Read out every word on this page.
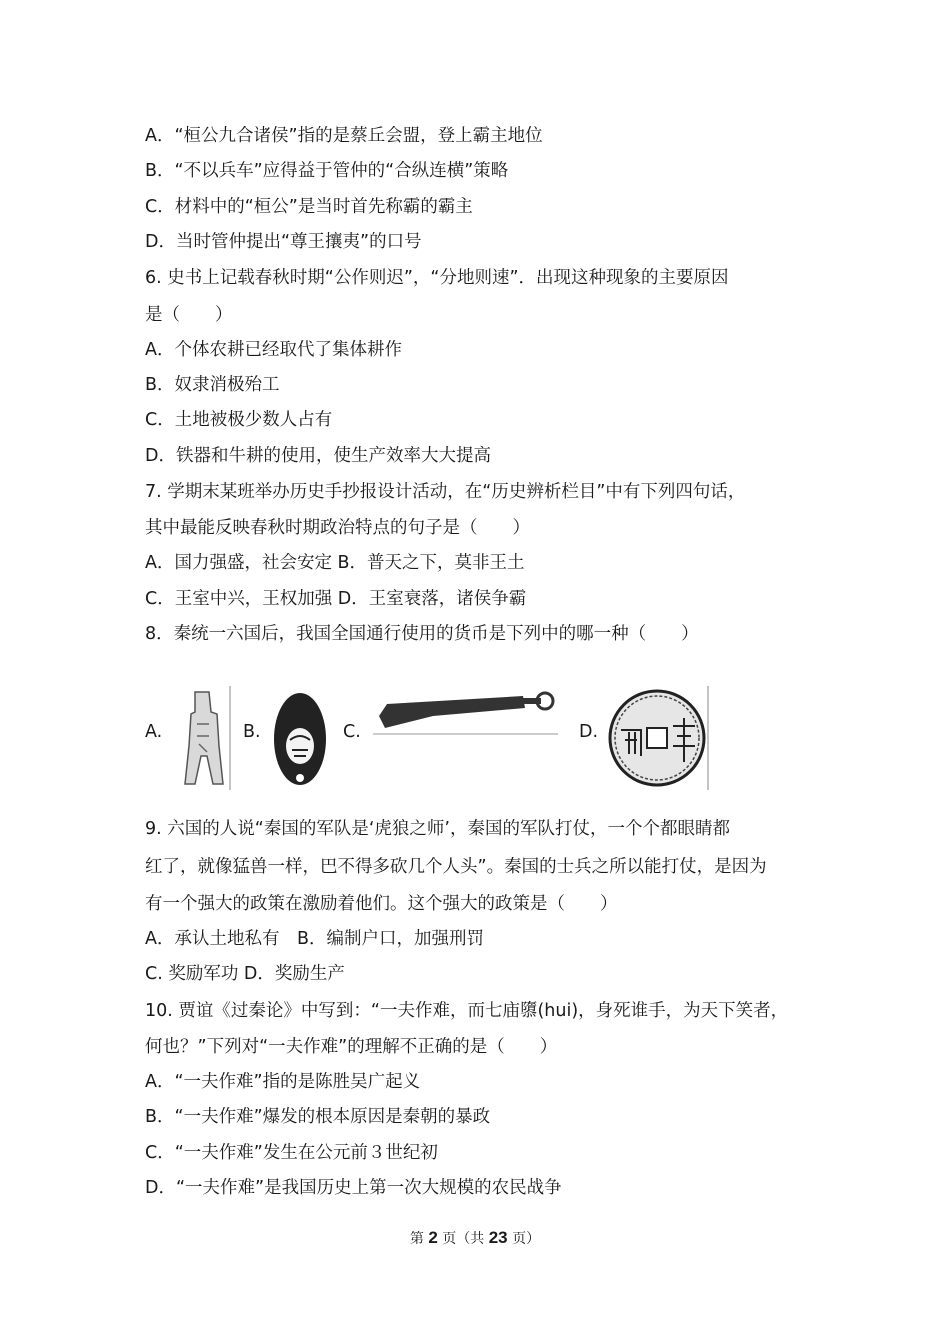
A．“桓公九合诸侯”指的是蔡丘会盟，登上霸主地位
B．“不以兵车”应得益于管仲的“合纵连横”策略
C．材料中的“桓公”是当时首先称霸的霸主
D．当时管仲提出“尊王攘夷”的口号
6. 史书上记载春秋时期“公作则迟”，“分地则速”．出现这种现象的主要原因
是（　　）
A．个体农耕已经取代了集体耕作
B．奴隶消极殆工
C．土地被极少数人占有
D．铁器和牛耕的使用，使生产效率大大提高
7. 学期末某班举办历史手抄报设计活动，在“历史辨析栏目”中有下列四句话，
其中最能反映春秋时期政治特点的句子是（　　）
A．国力强盛，社会安定 B．普天之下，莫非王土
C．王室中兴，王权加强 D．王室衰落，诸侯争霸
8．秦统一六国后，我国全国通行使用的货币是下列中的哪一种（　　）
A.	B.	C.	D.
9. 六国的人说“秦国的军队是‘虎狼之师’，秦国的军队打仗，一个个都眼睛都
红了，就像猛兽一样，巴不得多砍几个人头”。秦国的士兵之所以能打仗，是因为
有一个强大的政策在激励着他们。这个强大的政策是（　　）
A．承认土地私有　B．编制户口，加强刑罚
C. 奖励军功 D．奖励生产
10. 贾谊《过秦论》中写到：“一夫作难，而七庙隳(hui)，身死谁手，为天下笑者，
何也？”下列对“一夫作难”的理解不正确的是（　　）
A．“一夫作难”指的是陈胜吴广起义
B．“一夫作难”爆发的根本原因是秦朝的暴政
C．“一夫作难”发生在公元前３世纪初
D．“一夫作难”是我国历史上第一次大规模的农民战争
第 2 页（共 23 页）
